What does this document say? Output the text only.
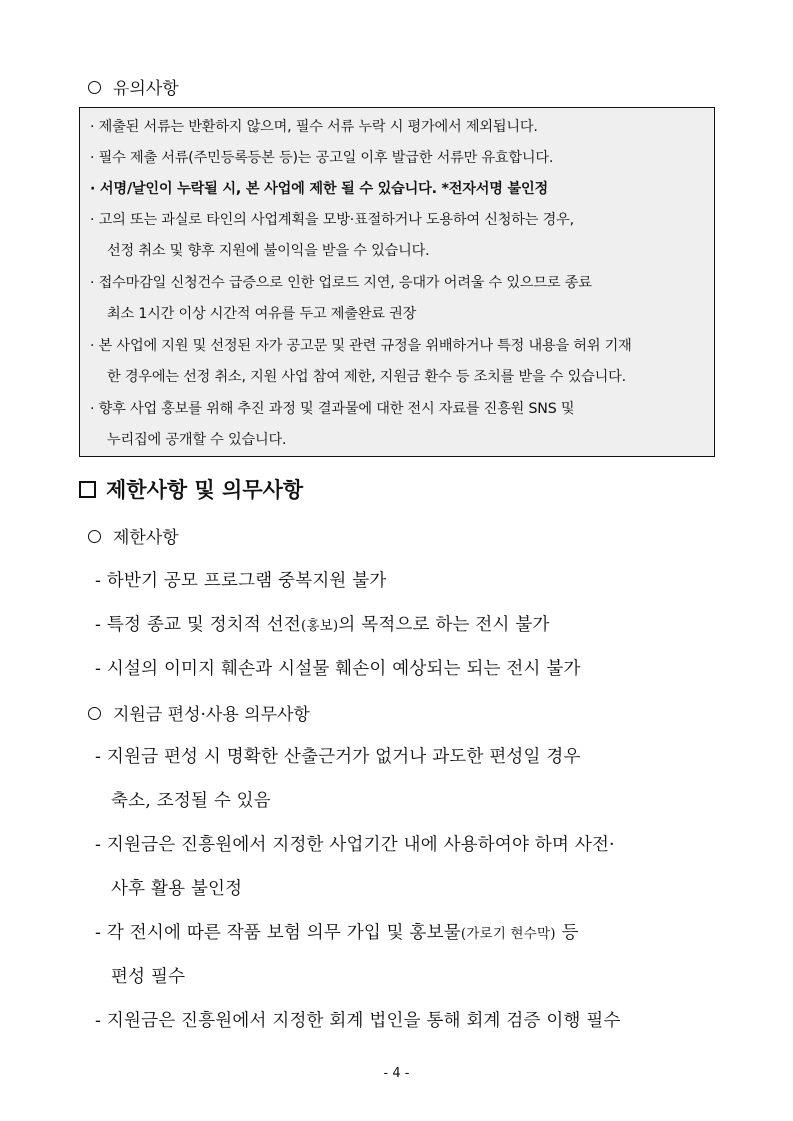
유의사항
· 제출된 서류는 반환하지 않으며, 필수 서류 누락 시 평가에서 제외됩니다.
· 필수 제출 서류(주민등록등본 등)는 공고일 이후 발급한 서류만 유효합니다.
· 서명/날인이 누락될 시, 본 사업에 제한 될 수 있습니다. *전자서명 불인정
· 고의 또는 과실로 타인의 사업계획을 모방·표절하거나 도용하여 신청하는 경우,
선정 취소 및 향후 지원에 불이익을 받을 수 있습니다.
· 접수마감일 신청건수 급증으로 인한 업로드 지연, 응대가 어려울 수 있으므로 종료
최소 1시간 이상 시간적 여유를 두고 제출완료 권장
· 본 사업에 지원 및 선정된 자가 공고문 및 관련 규정을 위배하거나 특정 내용을 허위 기재
한 경우에는 선정 취소, 지원 사업 참여 제한, 지원금 환수 등 조치를 받을 수 있습니다.
· 향후 사업 홍보를 위해 추진 과정 및 결과물에 대한 전시 자료를 진흥원 SNS 및
누리집에 공개할 수 있습니다.
제한사항 및 의무사항
제한사항
- 하반기 공모 프로그램 중복지원 불가
- 특정 종교 및 정치적 선전(홍보)의 목적으로 하는 전시 불가
- 시설의 이미지 훼손과 시설물 훼손이 예상되는 되는 전시 불가
지원금 편성·사용 의무사항
- 지원금 편성 시 명확한 산출근거가 없거나 과도한 편성일 경우
축소, 조정될 수 있음
- 지원금은 진흥원에서 지정한 사업기간 내에 사용하여야 하며 사전·
사후 활용 불인정
- 각 전시에 따른 작품 보험 의무 가입 및 홍보물(가로기 현수막) 등
편성 필수
- 지원금은 진흥원에서 지정한 회계 법인을 통해 회계 검증 이행 필수
- 4 -
